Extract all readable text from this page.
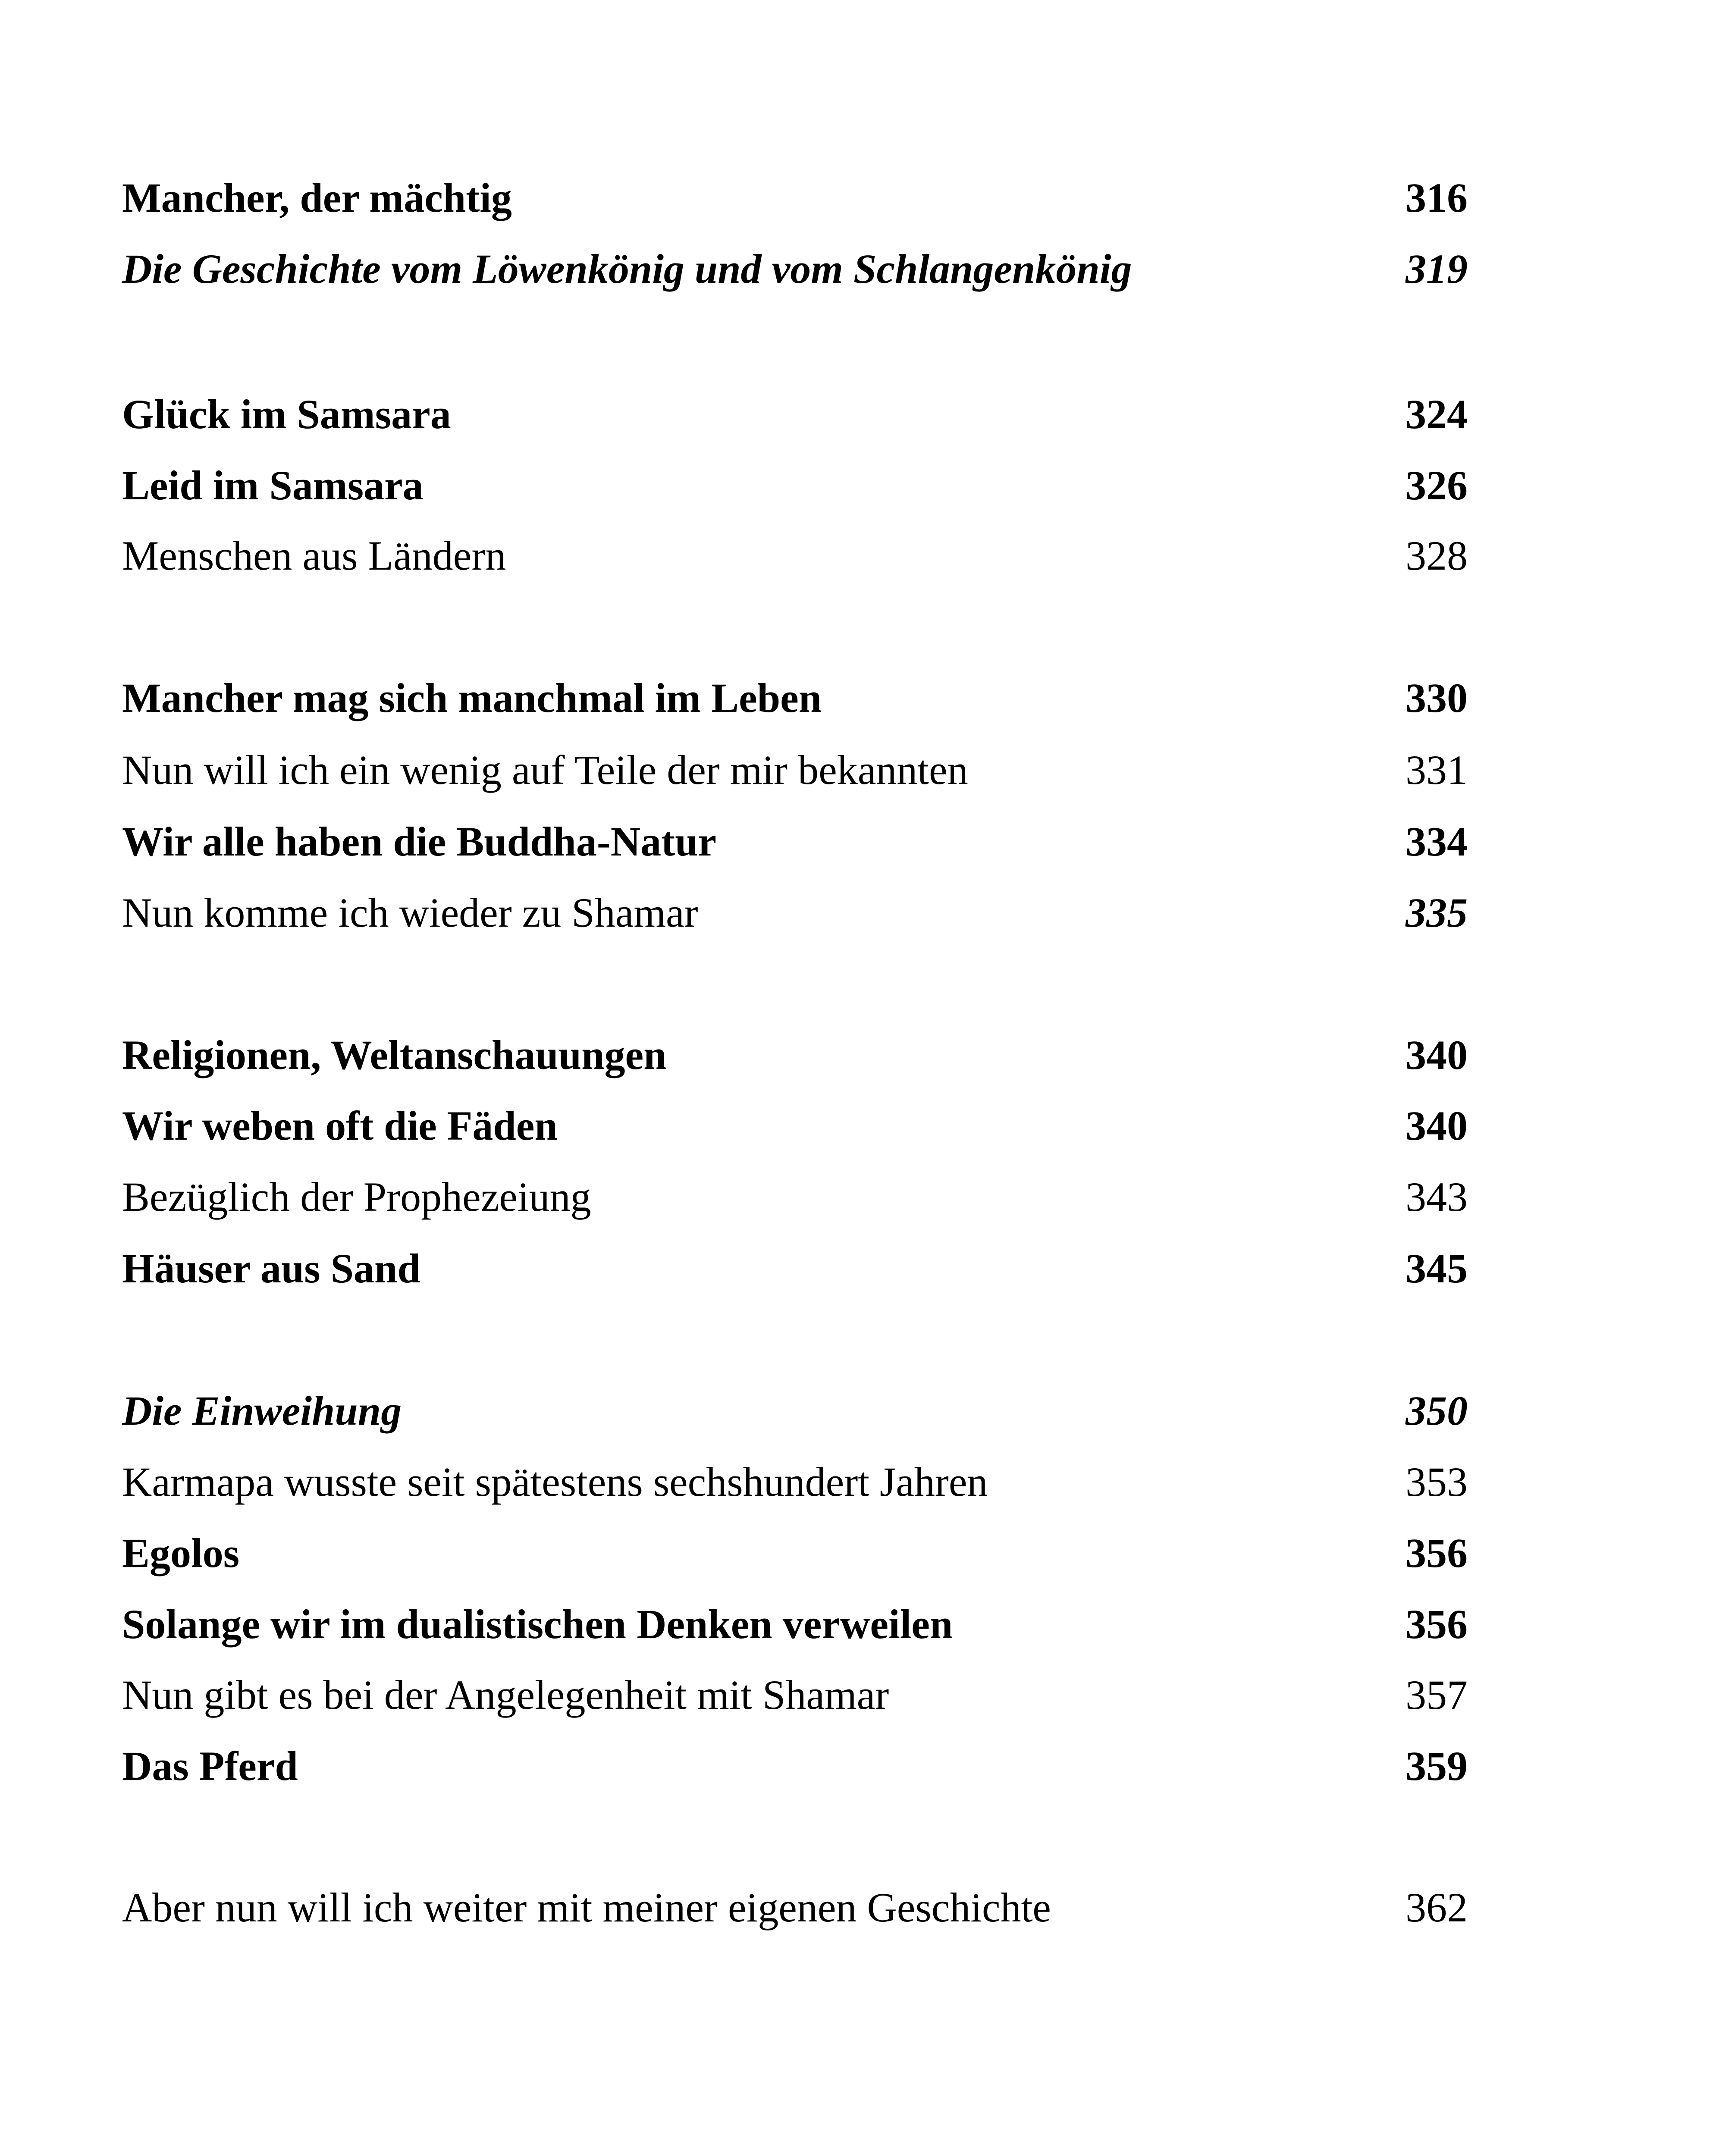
Mancher, der mächtig	316
Die Geschichte vom Löwenkönig und vom Schlangenkönig	319
Glück im Samsara	324
Leid im Samsara	326
Menschen aus Ländern	328
Mancher mag sich manchmal im Leben	330
Nun will ich ein wenig auf Teile der mir bekannten	331
Wir alle haben die Buddha-Natur	334
Nun komme ich wieder zu Shamar	335
Religionen, Weltanschauungen	340
Wir weben oft die Fäden	340
Bezüglich der Prophezeiung	343
Häuser aus Sand	345
Die Einweihung	350
Karmapa wusste seit spätestens sechshundert Jahren	353
Egolos	356
Solange wir im dualistischen Denken verweilen	356
Nun gibt es bei der Angelegenheit mit Shamar	357
Das Pferd	359
Aber nun will ich weiter mit meiner eigenen Geschichte	362
